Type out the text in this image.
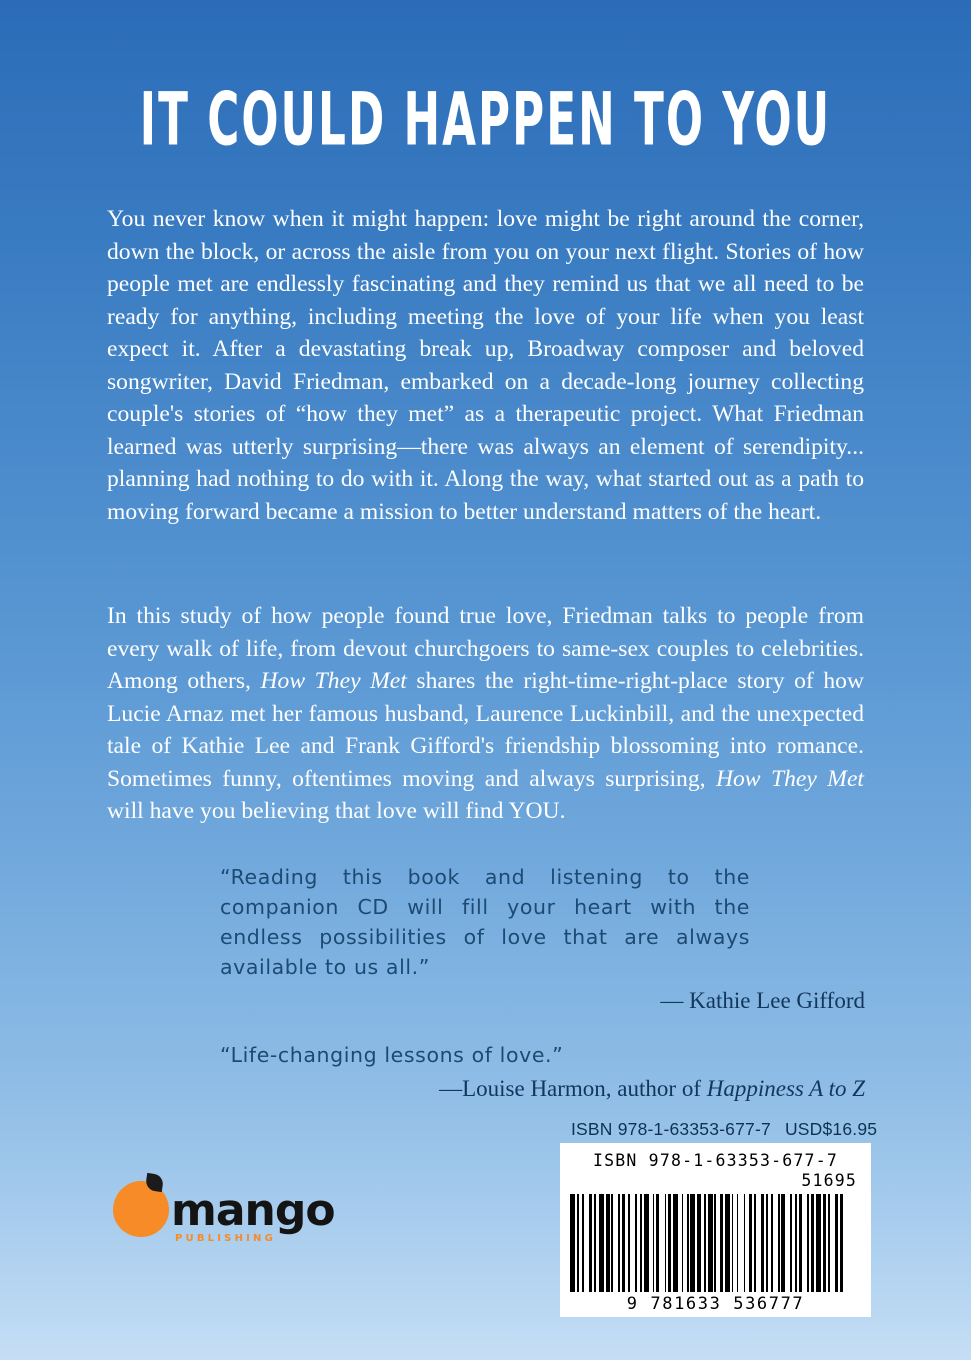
IT COULD HAPPEN TO YOU
You never know when it might happen: love might be right around the corner, down the block, or across the aisle from you on your next flight. Stories of how people met are endlessly fascinating and they remind us that we all need to be ready for anything, including meeting the love of your life when you least expect it. After a devastating break up, Broadway composer and beloved songwriter, David Friedman, embarked on a decade-long journey collecting couple's stories of “how they met” as a therapeutic project. What Friedman learned was utterly surprising—there was always an element of serendipity... planning had nothing to do with it. Along the way, what started out as a path to moving forward became a mission to better understand matters of the heart.
In this study of how people found true love, Friedman talks to people from every walk of life, from devout churchgoers to same-sex couples to celebrities. Among others, How They Met shares the right-time-right-place story of how Lucie Arnaz met her famous husband, Laurence Luckinbill, and the unexpected tale of Kathie Lee and Frank Gifford's friendship blossoming into romance. Sometimes funny, oftentimes moving and always surprising, How They Met will have you believing that love will find YOU.
“Reading this book and listening to the companion CD will fill your heart with the endless possibilities of love that are always available to us all.”
— Kathie Lee Gifford
“Life-changing lessons of love.”
—Louise Harmon, author of Happiness A to Z
ISBN 978-1-63353-677-7 USD$16.95
ISBN 978-1-63353-677-7
51695
9 781633 536777
mango
PUBLISHING
